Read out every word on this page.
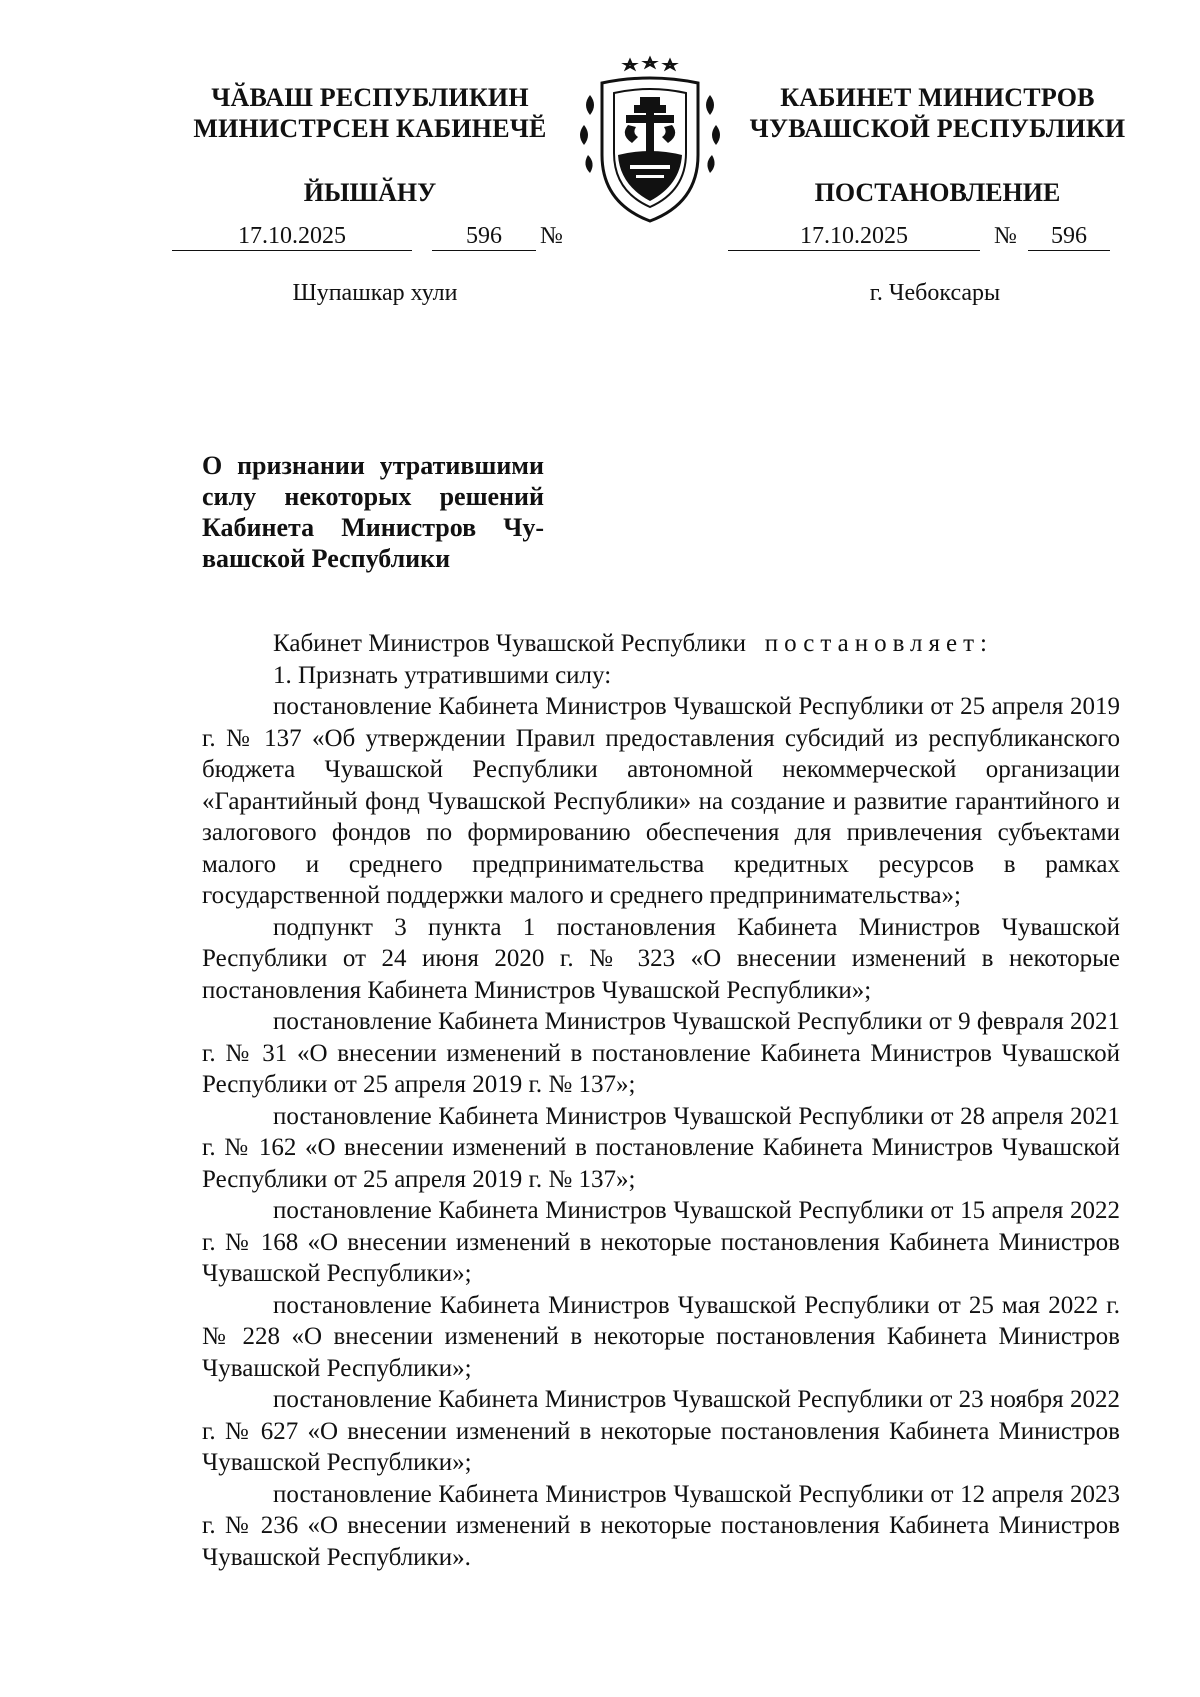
ЧӐВАШ РЕСПУБЛИКИН
МИНИСТРСЕН КАБИНЕЧӖ
ЙЫШӐНУ
КАБИНЕТ МИНИСТРОВ
ЧУВАШСКОЙ РЕСПУБЛИКИ
ПОСТАНОВЛЕНИЕ
17.10.2025	596	№	17.10.2025	№	596
Шупашкар хули	г. Чебоксары
О признании утратившими
силу некоторых решений
Кабинета Министров Чу-
вашской Республики

Кабинет Министров Чувашской Республики постановляет:

1. Признать утратившими силу:

постановление Кабинета Министров Чувашской Республики от 25 апреля 2019 г. № 137 «Об утверждении Правил предоставления субсидий из республиканского бюджета Чувашской Республики автономной некоммерческой организации «Гарантийный фонд Чувашской Республики» на создание и развитие гарантийного и залогового фондов по формированию обеспечения для привлечения субъектами малого и среднего предпринимательства кредитных ресурсов в рамках государственной поддержки малого и среднего предпринимательства»;

подпункт 3 пункта 1 постановления Кабинета Министров Чувашской Республики от 24 июня 2020 г. № 323 «О внесении изменений в некоторые постановления Кабинета Министров Чувашской Республики»;

постановление Кабинета Министров Чувашской Республики от 9 февраля 2021 г. № 31 «О внесении изменений в постановление Кабинета Министров Чувашской Республики от 25 апреля 2019 г. № 137»;

постановление Кабинета Министров Чувашской Республики от 28 апреля 2021 г. № 162 «О внесении изменений в постановление Кабинета Министров Чувашской Республики от 25 апреля 2019 г. № 137»;

постановление Кабинета Министров Чувашской Республики от 15 апреля 2022 г. № 168 «О внесении изменений в некоторые постановления Кабинета Министров Чувашской Республики»;

постановление Кабинета Министров Чувашской Республики от 25 мая 2022 г. № 228 «О внесении изменений в некоторые постановления Кабинета Министров Чувашской Республики»;

постановление Кабинета Министров Чувашской Республики от 23 ноября 2022 г. № 627 «О внесении изменений в некоторые постановления Кабинета Министров Чувашской Республики»;

постановление Кабинета Министров Чувашской Республики от 12 апреля 2023 г. № 236 «О внесении изменений в некоторые постановления Кабинета Министров Чувашской Республики».
